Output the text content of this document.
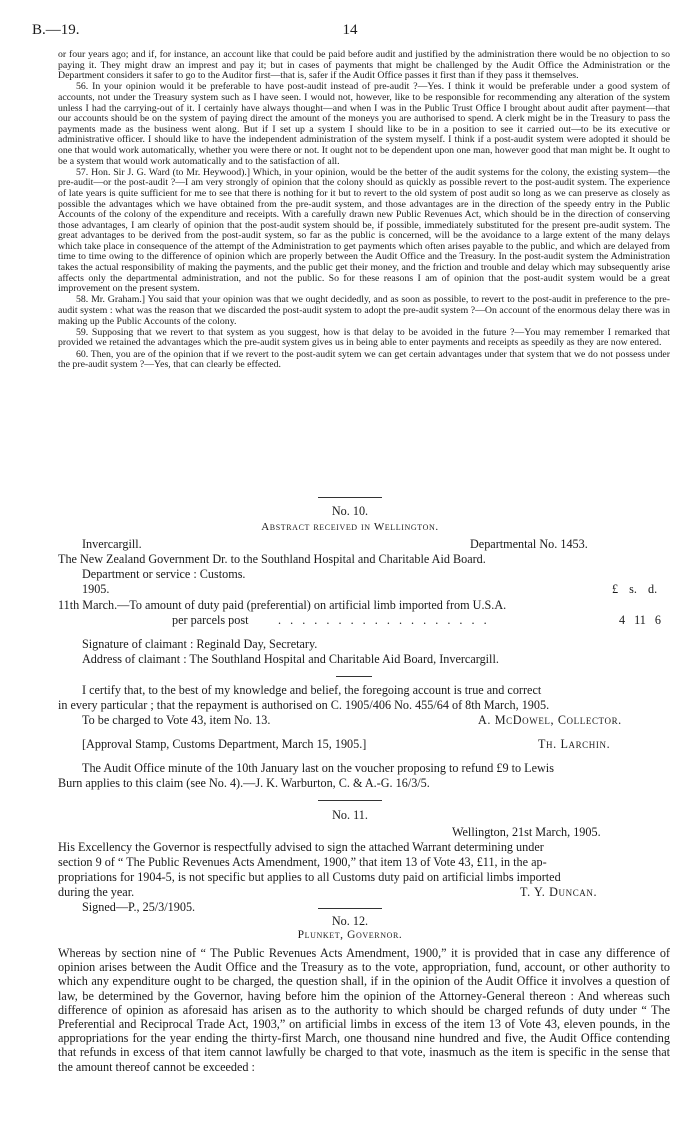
B.—19.	14

or four years ago; and if, for instance, an account like that could be paid before audit and justified by the administration there would be no objection to so paying it. They might draw an imprest and pay it; but in cases of payments that might be challenged by the Audit Office the Administration or the Department considers it safer to go to the Auditor first—that is, safer if the Audit Office passes it first than if they pass it themselves.

56. In your opinion would it be preferable to have post-audit instead of pre-audit ?—Yes. I think it would be preferable under a good system of accounts, not under the Treasury system such as I have seen. I would not, however, like to be responsible for recommending any alteration of the system unless I had the carrying-out of it. I certainly have always thought—and when I was in the Public Trust Office I brought about audit after payment—that our accounts should be on the system of paying direct the amount of the moneys you are authorised to spend. A clerk might be in the Treasury to pass the payments made as the business went along. But if I set up a system I should like to be in a position to see it carried out—to be its executive or administrative officer. I should like to have the independent administration of the system myself. I think if a post-audit system were adopted it should be one that would work automatically, whether you were there or not. It ought not to be dependent upon one man, however good that man might be. It ought to be a system that would work automatically and to the satisfaction of all.

57. Hon. Sir J. G. Ward (to Mr. Heywood).] Which, in your opinion, would be the better of the audit systems for the colony, the existing system—the pre-audit—or the post-audit ?—I am very strongly of opinion that the colony should as quickly as possible revert to the post-audit system. The experience of late years is quite sufficient for me to see that there is nothing for it but to revert to the old system of post audit so long as we can preserve as closely as possible the advantages which we have obtained from the pre-audit system, and those advantages are in the direction of the speedy entry in the Public Accounts of the colony of the expenditure and receipts. With a carefully drawn new Public Revenues Act, which should be in the direction of conserving those advantages, I am clearly of opinion that the post-audit system should be, if possible, immediately substituted for the present pre-audit system. The great advantages to be derived from the post-audit system, so far as the public is concerned, will be the avoidance to a large extent of the many delays which take place in consequence of the attempt of the Administration to get payments which often arises payable to the public, and which are delayed from time to time owing to the difference of opinion which are properly between the Audit Office and the Treasury. In the post-audit system the Administration takes the actual responsibility of making the payments, and the public get their money, and the friction and trouble and delay which may subsequently arise affects only the departmental administration, and not the public. So for these reasons I am of opinion that the post-audit system would be a great improvement on the present system.

58. Mr. Graham.] You said that your opinion was that we ought decidedly, and as soon as possible, to revert to the post-audit in preference to the pre-audit system : what was the reason that we discarded the post-audit system to adopt the pre-audit system ?—On account of the enormous delay there was in making up the Public Accounts of the colony.

59. Supposing that we revert to that system as you suggest, how is that delay to be avoided in the future ?—You may remember I remarked that provided we retained the advantages which the pre-audit system gives us in being able to enter payments and receipts as speedily as they are now entered.

60. Then, you are of the opinion that if we revert to the post-audit sytem we can get certain advantages under that system that we do not possess under the pre-audit system ?—Yes, that can clearly be effected.

No. 10.
Abstract received in Wellington.
Invercargill.	Departmental No. 1453.
The New Zealand Government Dr. to the Southland Hospital and Charitable Aid Board.
Department or service : Customs.
1905.	£ s. d.
11th March.—To amount of duty paid (preferential) on artificial limb imported from U.S.A.
per parcels post . . . . . . . . . . . . . . . . . .	4 11 6
Signature of claimant : Reginald Day, Secretary.
Address of claimant : The Southland Hospital and Charitable Aid Board, Invercargill.
I certify that, to the best of my knowledge and belief, the foregoing account is true and correct
in every particular ; that the repayment is authorised on C. 1905/406 No. 455/64 of 8th March, 1905.
To be charged to Vote 43, item No. 13.	A. McDowel, Collector.
[Approval Stamp, Customs Department, March 15, 1905.]	Th. Larchin.
The Audit Office minute of the 10th January last on the voucher proposing to refund £9 to Lewis
Burn applies to this claim (see No. 4).—J. K. Warburton, C. & A.-G. 16/3/5.
No. 11.
Wellington, 21st March, 1905.
His Excellency the Governor is respectfully advised to sign the attached Warrant determining under
section 9 of “ The Public Revenues Acts Amendment, 1900,” that item 13 of Vote 43, £11, in the ap-
propriations for 1904-5, is not specific but applies to all Customs duty paid on artificial limbs imported
during the year.	T. Y. Duncan.
Signed—P., 25/3/1905.
No. 12.
Plunket, Governor.
Whereas by section nine of “ The Public Revenues Acts Amendment, 1900,” it is provided that in case any difference of opinion arises between the Audit Office and the Treasury as to the vote, appropriation, fund, account, or other authority to which any expenditure ought to be charged, the question shall, if in the opinion of the Audit Office it involves a question of law, be determined by the Governor, having before him the opinion of the Attorney-General thereon : And whereas such difference of opinion as aforesaid has arisen as to the authority to which should be charged refunds of duty under “ The Preferential and Reciprocal Trade Act, 1903,” on artificial limbs in excess of the item 13 of Vote 43, eleven pounds, in the appropriations for the year ending the thirty-first March, one thousand nine hundred and five, the Audit Office contending that refunds in excess of that item cannot lawfully be charged to that vote, inasmuch as the item is specific in the sense that the amount thereof cannot be exceeded :
